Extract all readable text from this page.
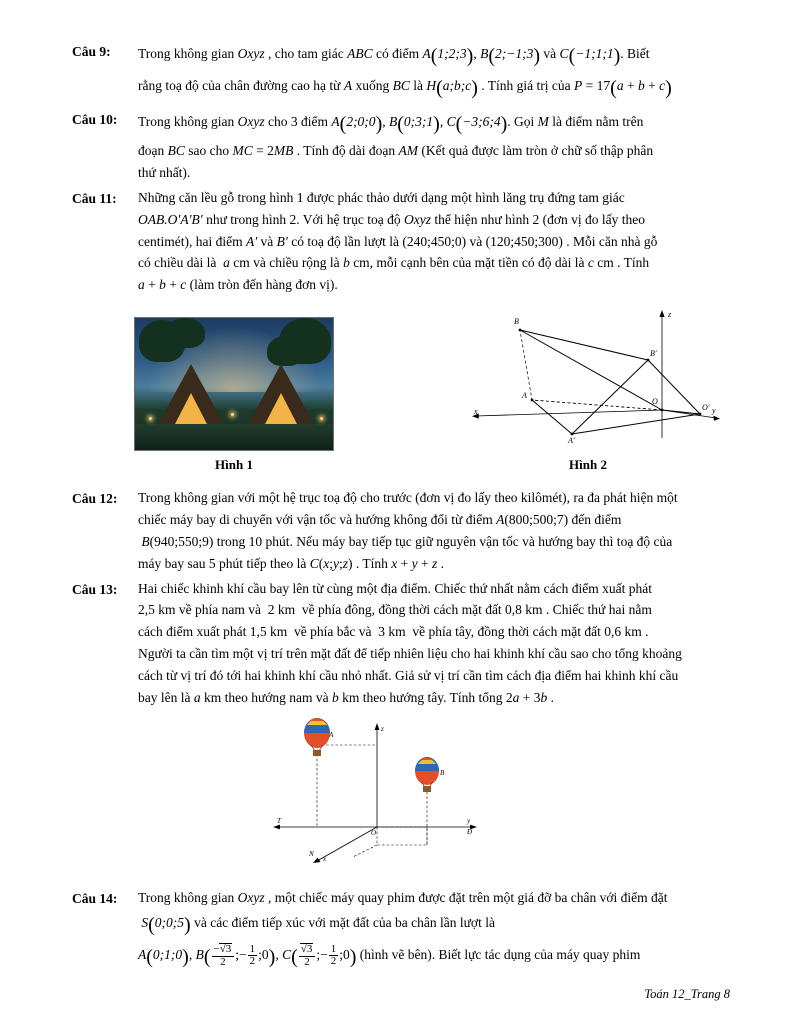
Câu 9:	Trong không gian Oxyz , cho tam giác ABC có điểm A(1;2;3), B(2;−1;3) và C(−1;1;1). Biết

rằng toạ độ của chân đường cao hạ từ A xuống BC là H(a;b;c) . Tính giá trị của P = 17(a + b + c)

Câu 10:	Trong không gian Oxyz cho 3 điểm A(2;0;0), B(0;3;1), C(−3;6;4). Gọi M là điểm nằm trên

đoạn BC sao cho MC = 2MB . Tính độ dài đoạn AM (Kết quả được làm tròn ở chữ số thập phân

thứ nhất).

Câu 11:	Những căn lều gỗ trong hình 1 được phác thảo dưới dạng một hình lăng trụ đứng tam giác

OAB.O′A′B′ như trong hình 2. Với hệ trục toạ độ Oxyz thể hiện như hình 2 (đơn vị đo lấy theo

centimét), hai điểm A′ và B′ có toạ độ lần lượt là (240;450;0) và (120;450;300) . Mỗi căn nhà gỗ

có chiều dài là  a cm và chiều rộng là b cm, mỗi cạnh bên của mặt tiền có độ dài là c cm . Tính

a + b + c (làm tròn đến hàng đơn vị).

Hình 1
z
y
x
B
A
O
B′
O′
A′
Hình 2
Câu 12:	Trong không gian với một hệ trục toạ độ cho trước (đơn vị đo lấy theo kilômét), ra đa phát hiện một

chiếc máy bay di chuyển với vận tốc và hướng không đổi từ điểm A(800;500;7) đến điểm

B(940;550;9) trong 10 phút. Nếu máy bay tiếp tục giữ nguyên vận tốc và hướng bay thì toạ độ của

máy bay sau 5 phút tiếp theo là C(x;y;z) . Tính x + y + z .

Câu 13:	Hai chiếc khinh khí cầu bay lên từ cùng một địa điểm. Chiếc thứ nhất nằm cách điểm xuất phát

2,5 km về phía nam và  2 km  về phía đông, đồng thời cách mặt đất 0,8 km . Chiếc thứ hai nằm

cách điểm xuất phát 1,5 km  về phía bắc và  3 km  về phía tây, đồng thời cách mặt đất 0,6 km .

Người ta cần tìm một vị trí trên mặt đất để tiếp nhiên liệu cho hai khinh khí cầu sao cho tổng khoảng

cách từ vị trí đó tới hai khinh khí cầu nhỏ nhất. Giả sử vị trí cần tìm cách địa điểm hai khinh khí cầu

bay lên là a km theo hướng nam và b km theo hướng tây. Tính tổng 2a + 3b .

z
y
Đ
T
N
x
O
A
B
Câu 14:	Trong không gian Oxyz , một chiếc máy quay phim được đặt trên một giá đỡ ba chân với điểm đặt

S(0;0;5) và các điểm tiếp xúc với mặt đất của ba chân lần lượt là

A(0;1;0), $B( \frac{-√3}{2}$ ;− $\frac{1}{2}$ ;0), $C( \frac{√3}{2}$ ;− $\frac{1}{2}$ ;0) (hình vẽ bên). Biết lực tác dụng của máy quay phim

Toán 12_Trang 8
